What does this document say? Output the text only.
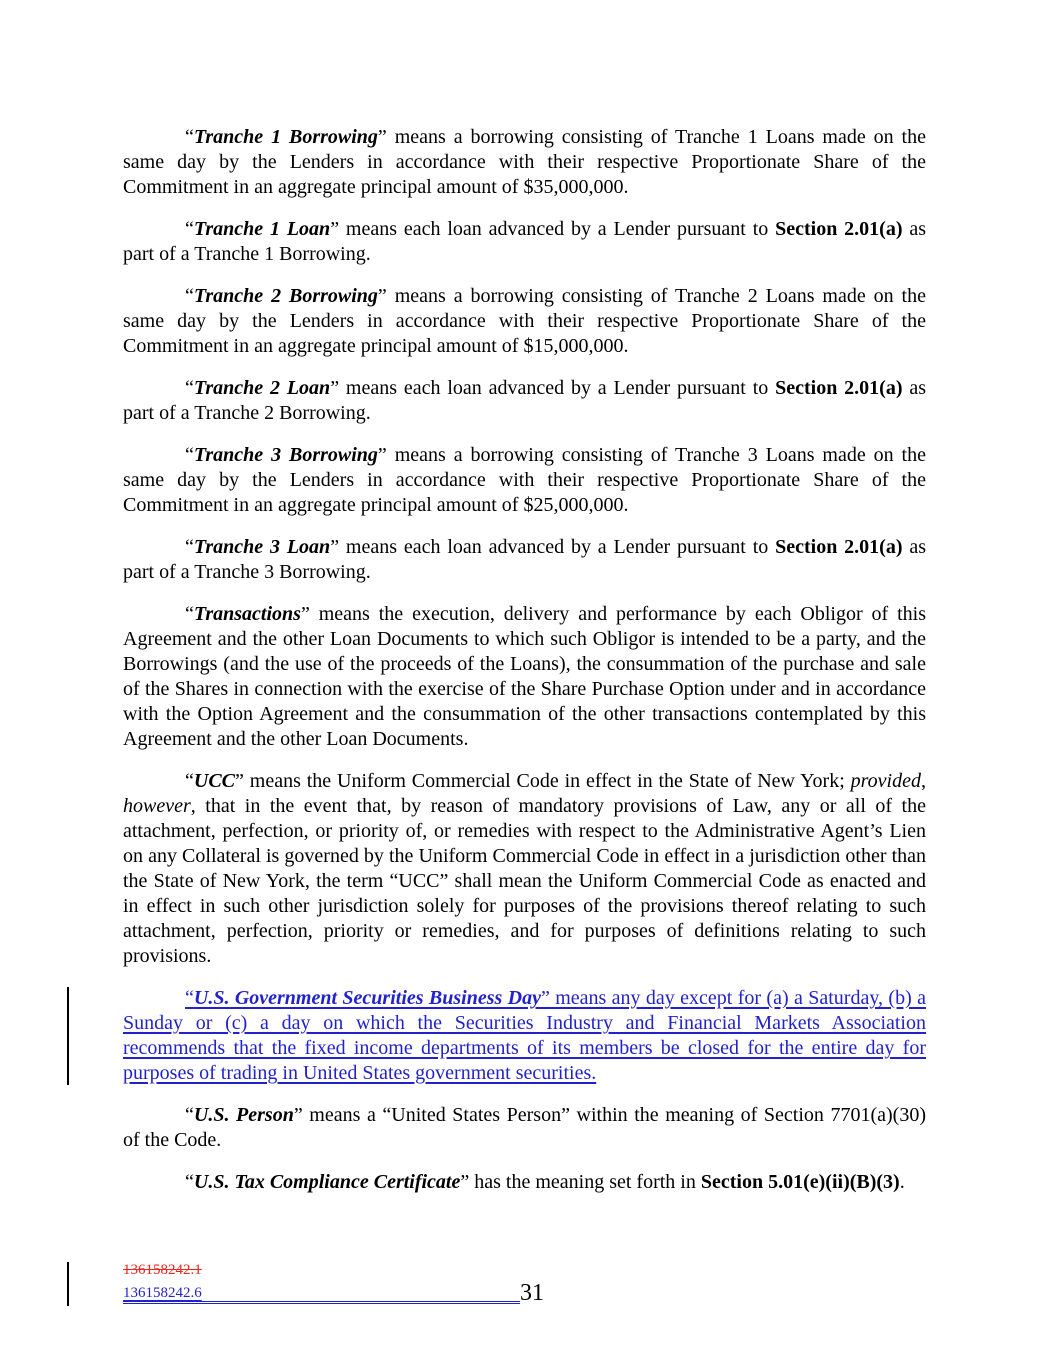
“Tranche 1 Borrowing” means a borrowing consisting of Tranche 1 Loans made on the same day by the Lenders in accordance with their respective Proportionate Share of the Commitment in an aggregate principal amount of $35,000,000.

“Tranche 1 Loan” means each loan advanced by a Lender pursuant to Section 2.01(a) as part of a Tranche 1 Borrowing.

“Tranche 2 Borrowing” means a borrowing consisting of Tranche 2 Loans made on the same day by the Lenders in accordance with their respective Proportionate Share of the Commitment in an aggregate principal amount of $15,000,000.

“Tranche 2 Loan” means each loan advanced by a Lender pursuant to Section 2.01(a) as part of a Tranche 2 Borrowing.

“Tranche 3 Borrowing” means a borrowing consisting of Tranche 3 Loans made on the same day by the Lenders in accordance with their respective Proportionate Share of the Commitment in an aggregate principal amount of $25,000,000.

“Tranche 3 Loan” means each loan advanced by a Lender pursuant to Section 2.01(a) as part of a Tranche 3 Borrowing.

“Transactions” means the execution, delivery and performance by each Obligor of this Agreement and the other Loan Documents to which such Obligor is intended to be a party, and the Borrowings (and the use of the proceeds of the Loans), the consummation of the purchase and sale of the Shares in connection with the exercise of the Share Purchase Option under and in accordance with the Option Agreement and the consummation of the other transactions contemplated by this Agreement and the other Loan Documents.

“UCC” means the Uniform Commercial Code in effect in the State of New York; provided, however, that in the event that, by reason of mandatory provisions of Law, any or all of the attachment, perfection, or priority of, or remedies with respect to the Administrative Agent’s Lien on any Collateral is governed by the Uniform Commercial Code in effect in a jurisdiction other than the State of New York, the term “UCC” shall mean the Uniform Commercial Code as enacted and in effect in such other jurisdiction solely for purposes of the provisions thereof relating to such attachment, perfection, priority or remedies, and for purposes of definitions relating to such provisions.

“U.S. Government Securities Business Day” means any day except for (a) a Saturday, (b) a Sunday or (c) a day on which the Securities Industry and Financial Markets Association recommends that the fixed income departments of its members be closed for the entire day for purposes of trading in United States government securities.

“U.S. Person” means a “United States Person” within the meaning of Section 7701(a)(30) of the Code.

“U.S. Tax Compliance Certificate” has the meaning set forth in Section 5.01(e)(ii)(B)(3).

136158242.1
136158242.6	31
